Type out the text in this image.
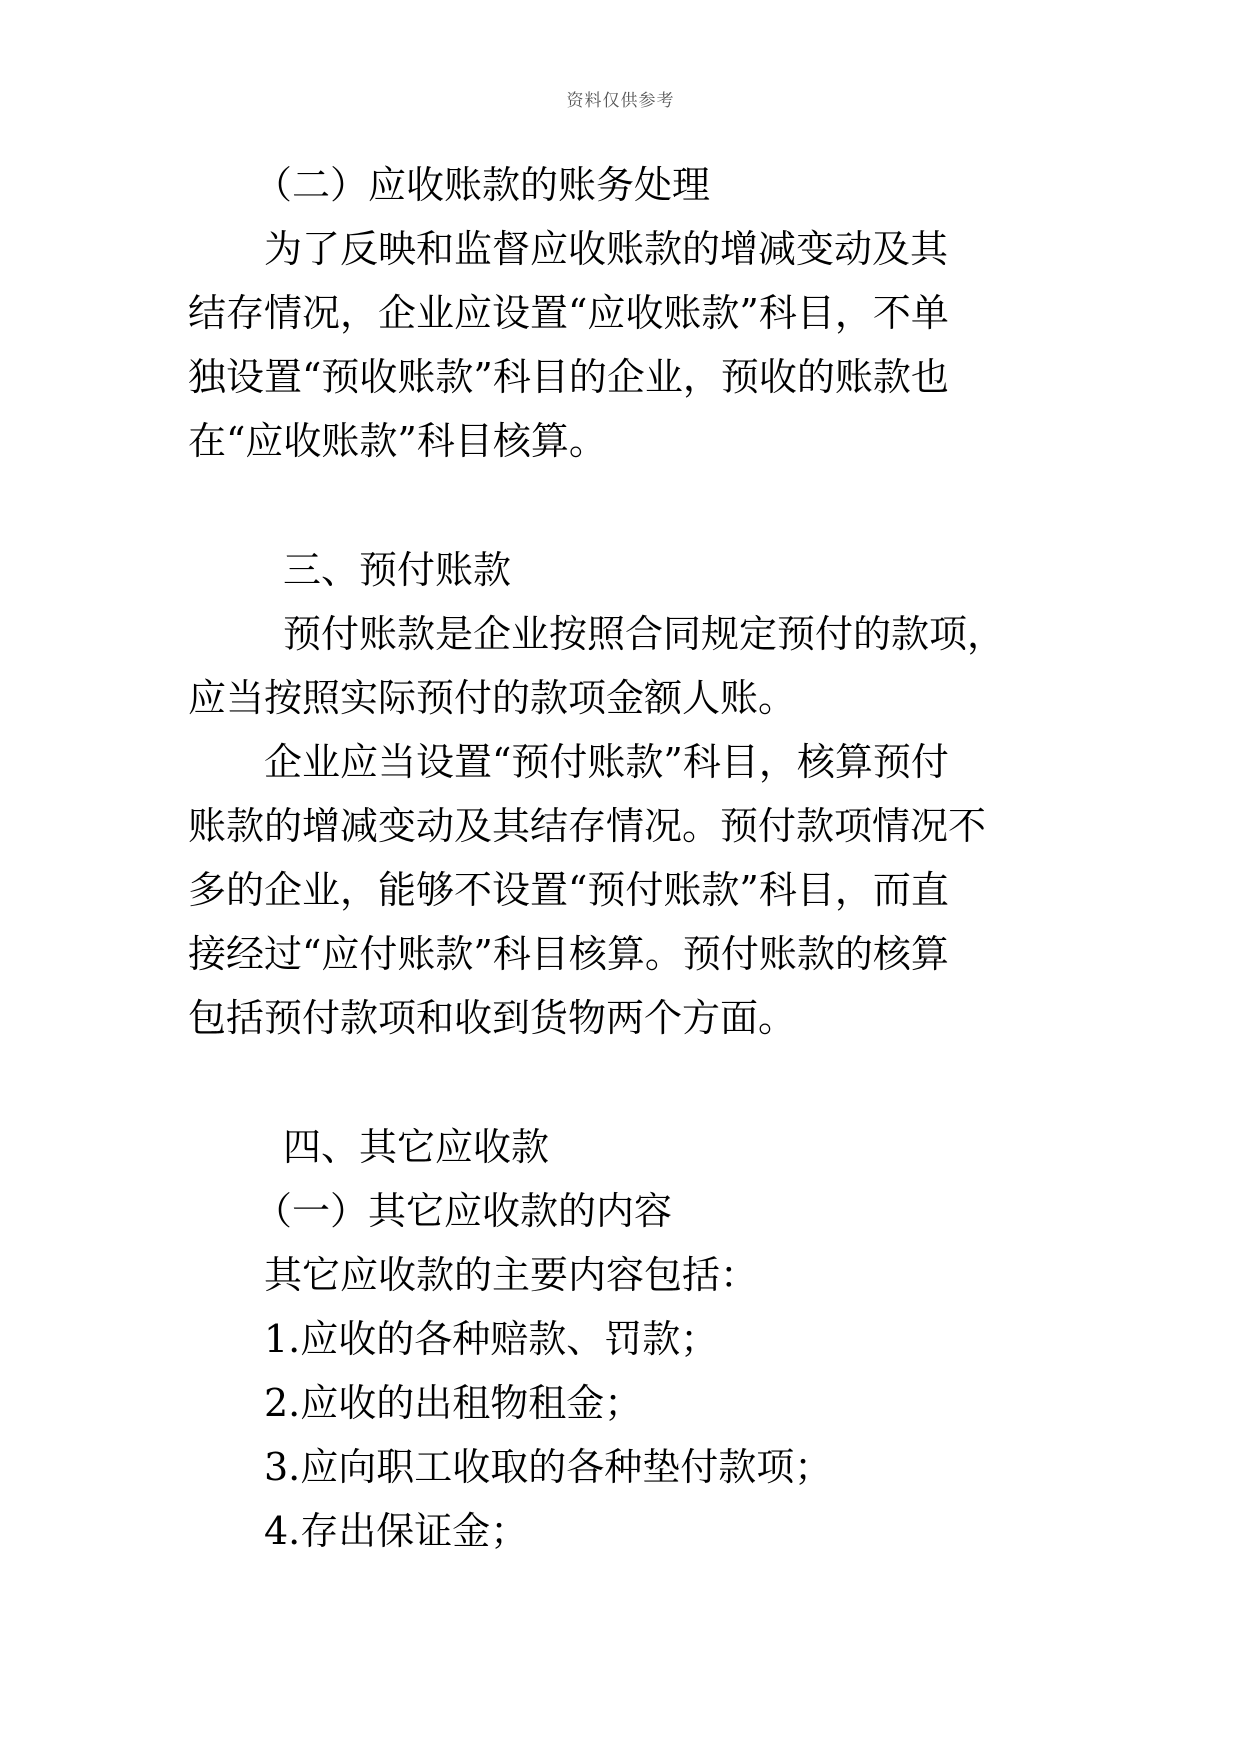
资料仅供参考
（二）应收账款的账务处理
为了反映和监督应收账款的增减变动及其
结存情况，企业应设置“应收账款”科目，不单
独设置“预收账款”科目的企业，预收的账款也
在“应收账款”科目核算。
三、预付账款
预付账款是企业按照合同规定预付的款项，
应当按照实际预付的款项金额人账。
企业应当设置“预付账款”科目，核算预付
账款的增减变动及其结存情况。预付款项情况不
多的企业，能够不设置“预付账款”科目，而直
接经过“应付账款”科目核算。预付账款的核算
包括预付款项和收到货物两个方面。
四、其它应收款
（一）其它应收款的内容
其它应收款的主要内容包括：
1.应收的各种赔款、罚款；
2.应收的出租物租金；
3.应向职工收取的各种垫付款项；
4.存出保证金；
